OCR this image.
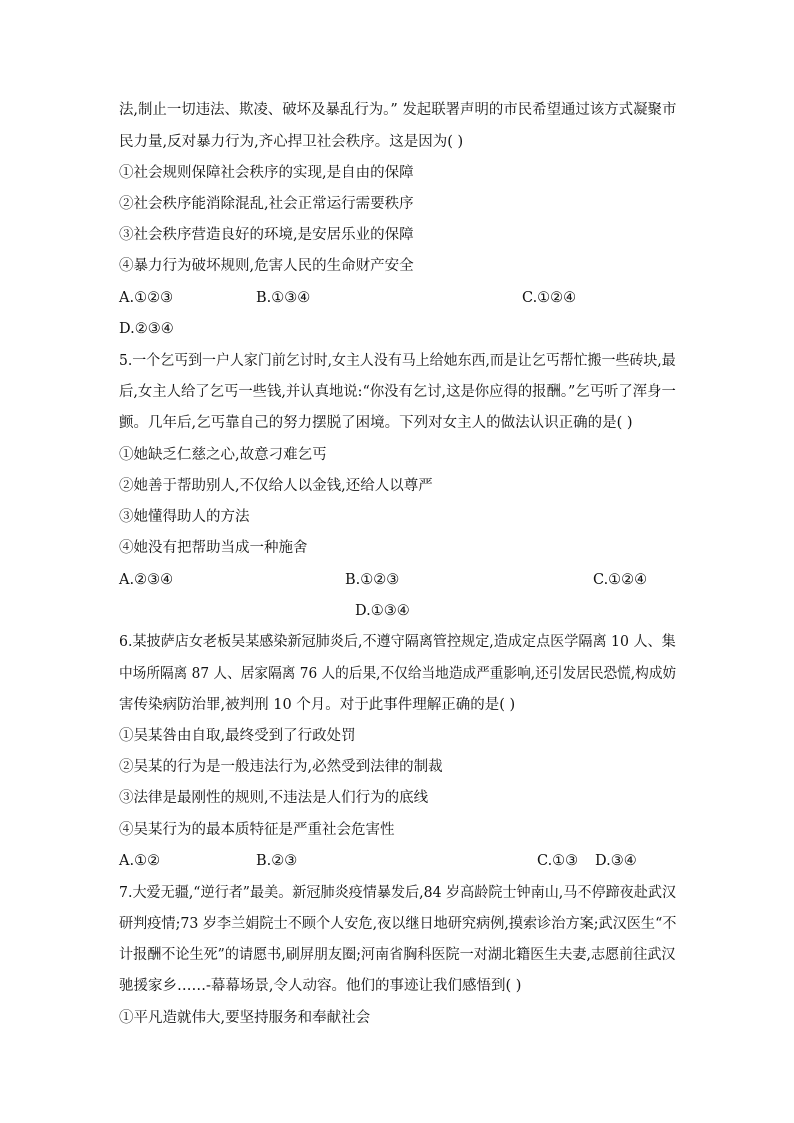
法,制止一切违法、欺凌、破坏及暴乱行为。” 发起联署声明的市民希望通过该方式凝聚市
民力量,反对暴力行为,齐心捍卫社会秩序。这是因为( )
①社会规则保障社会秩序的实现,是自由的保障
②社会秩序能消除混乱,社会正常运行需要秩序
③社会秩序营造良好的环境,是安居乐业的保障
④暴力行为破坏规则,危害人民的生命财产安全
A.①②③	B.①③④	C.①②④
D.②③④
5.一个乞丐到一户人家门前乞讨时,女主人没有马上给她东西,而是让乞丐帮忙搬一些砖块,最
后,女主人给了乞丐一些钱,并认真地说:“你没有乞讨,这是你应得的报酬。”乞丐听了浑身一
颤。几年后,乞丐靠自己的努力摆脱了困境。下列对女主人的做法认识正确的是( )
①她缺乏仁慈之心,故意刁难乞丐
②她善于帮助别人,不仅给人以金钱,还给人以尊严
③她懂得助人的方法
④她没有把帮助当成一种施舍
A.②③④	B.①②③	C.①②④
D.①③④
6.某披萨店女老板吴某感染新冠肺炎后,不遵守隔离管控规定,造成定点医学隔离 10 人、集
中场所隔离 87 人、居家隔离 76 人的后果,不仅给当地造成严重影响,还引发居民恐慌,构成妨
害传染病防治罪,被判刑 10 个月。对于此事件理解正确的是( )
①吴某咎由自取,最终受到了行政处罚
②吴某的行为是一般违法行为,必然受到法律的制裁
③法律是最刚性的规则,不违法是人们行为的底线
④吴某行为的最本质特征是严重社会危害性
A.①②	B.②③	C.①③ D.③④
7.大爱无疆,“逆行者”最美。新冠肺炎疫情暴发后,84 岁高龄院士钟南山,马不停蹄夜赴武汉
研判疫情;73 岁李兰娟院士不顾个人安危,夜以继日地研究病例,摸索诊治方案;武汉医生“不
计报酬不论生死”的请愿书,刷屏朋友圈;河南省胸科医院一对湖北籍医生夫妻,志愿前往武汉
驰援家乡……-幕幕场景,令人动容。他们的事迹让我们感悟到( )
①平凡造就伟大,要坚持服务和奉献社会
